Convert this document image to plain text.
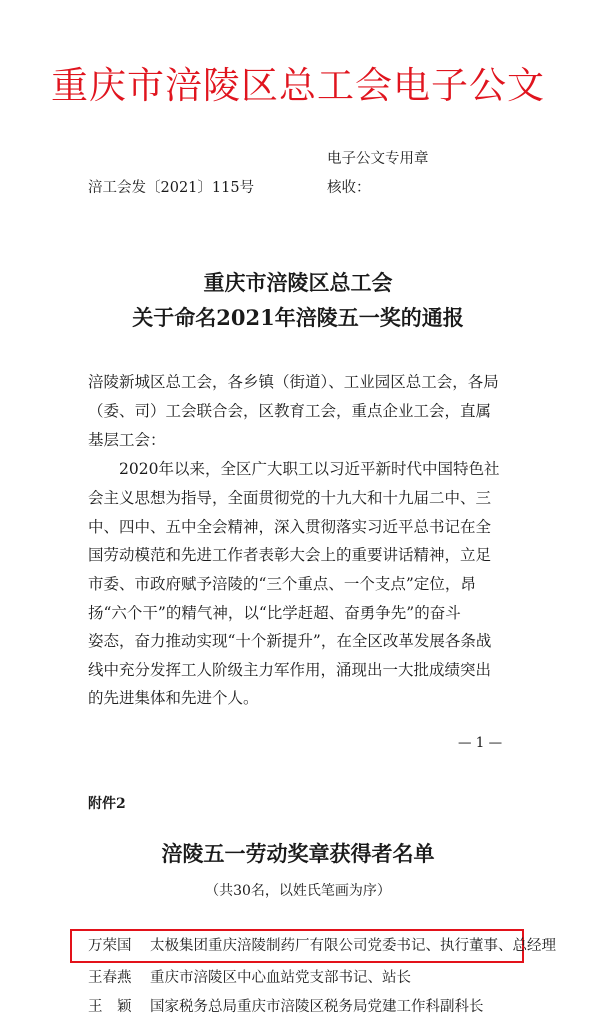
重庆市涪陵区总工会电子公文
电子公文专用章
核收：
涪工会发〔2021〕115号
重庆市涪陵区总工会
关于命名2021年涪陵五一奖的通报
涪陵新城区总工会，各乡镇（街道）、工业园区总工会，各局
（委、司）工会联合会，区教育工会，重点企业工会，直属
基层工会：
2020年以来，全区广大职工以习近平新时代中国特色社
会主义思想为指导，全面贯彻党的十九大和十九届二中、三
中、四中、五中全会精神，深入贯彻落实习近平总书记在全
国劳动模范和先进工作者表彰大会上的重要讲话精神，立足
市委、市政府赋予涪陵的“三个重点、一个支点”定位，昂
扬“六个干”的精气神，以“比学赶超、奋勇争先”的奋斗
姿态，奋力推动实现“十个新提升”，在全区改革发展各条战
线中充分发挥工人阶级主力军作用，涌现出一大批成绩突出
的先进集体和先进个人。
— 1 —
附件2
涪陵五一劳动奖章获得者名单
（共30名，以姓氏笔画为序）
万荣国 太极集团重庆涪陵制药厂有限公司党委书记、执行董事、总经理
王春燕 重庆市涪陵区中心血站党支部书记、站长
王　颖 国家税务总局重庆市涪陵区税务局党建工作科副科长
